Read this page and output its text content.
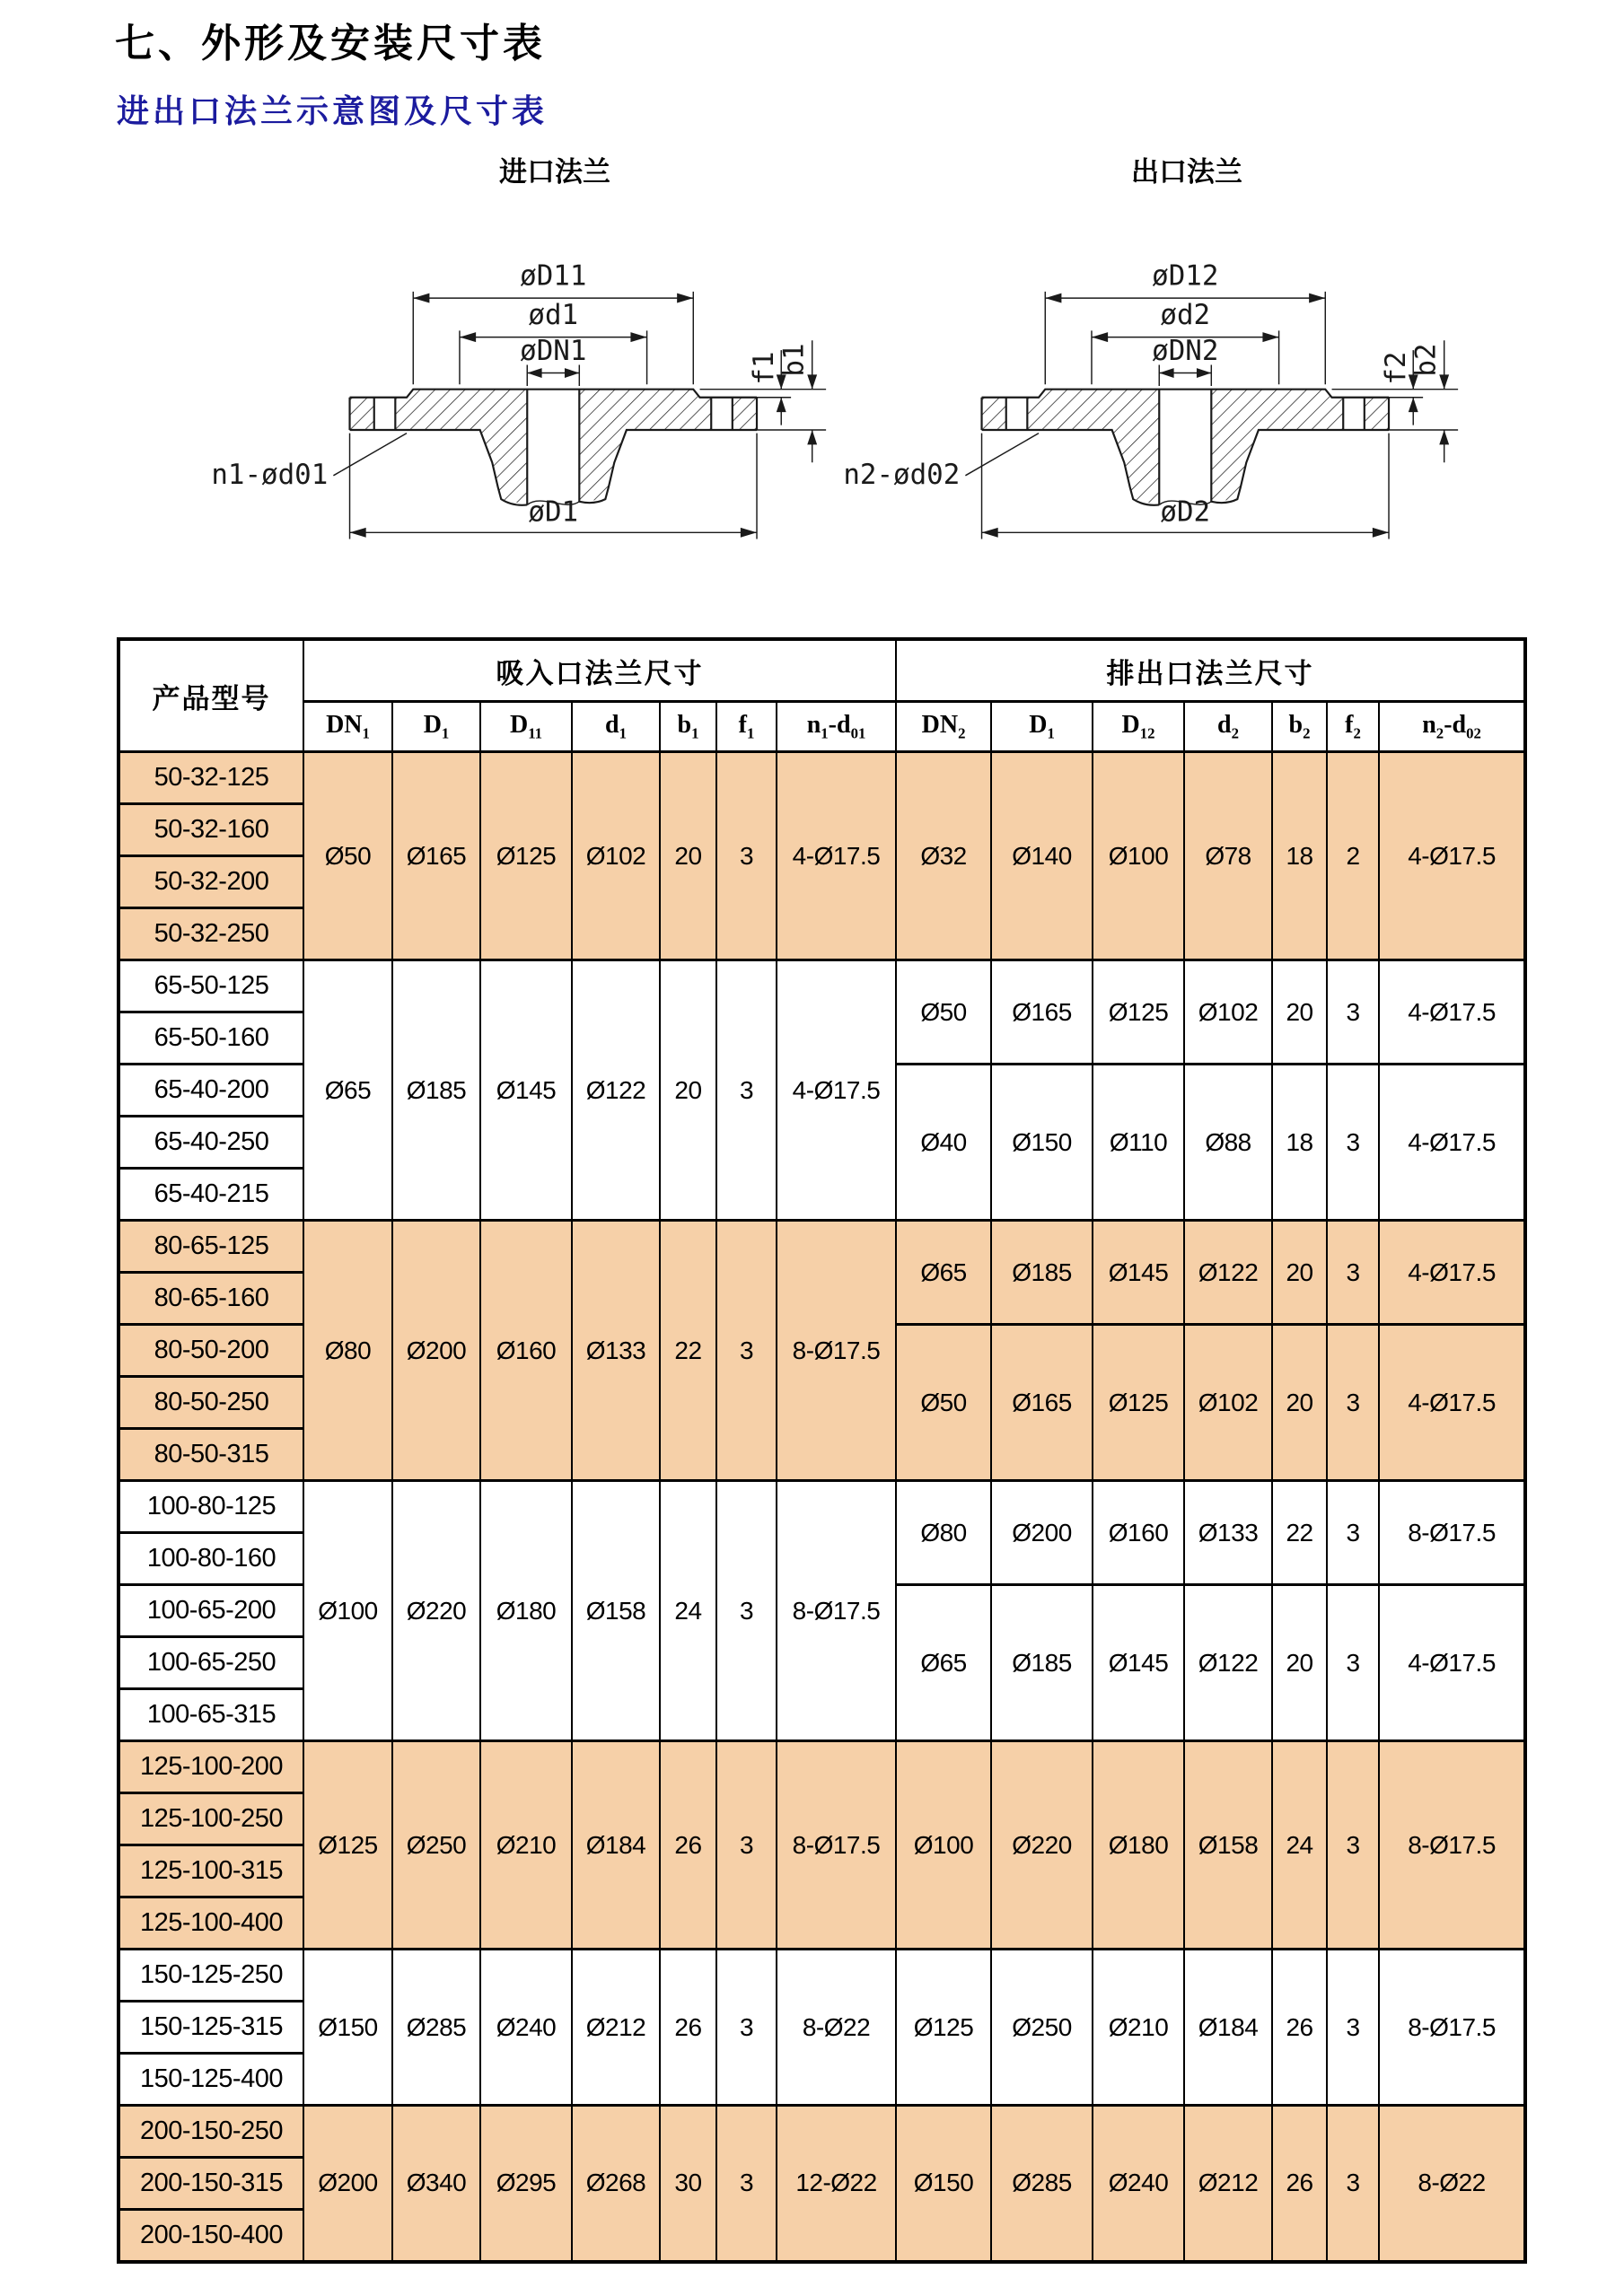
七、外形及安装尺寸表
进出口法兰示意图及尺寸表
进口法兰
øD11
ød1
øDN1
f1
b1
n1-ød01
øD1
出口法兰
øD12
ød2
øDN2
f2
b2
n2-ød02
øD2
产品型号	吸入口法兰尺寸							排出口法兰尺寸						
	$DN_1$	$D_1$	$D_{11}$	$d_1$	$b_1$	$f_1$	$n_1-d_{01}$	$DN_2$	$D_1$	$D_{12}$	$d_2$	$b_2$	$f_2$	$n_2-d_{02}$
50-32-125	Ø50	Ø165	Ø125	Ø102	20	3	4-Ø17.5	Ø32	Ø140	Ø100	Ø78	18	2	4-Ø17.5
50-32-160														
50-32-200														
50-32-250														
65-50-125	Ø65	Ø185	Ø145	Ø122	20	3	4-Ø17.5	Ø50	Ø165	Ø125	Ø102	20	3	4-Ø17.5
65-50-160														
65-40-200								Ø40	Ø150	Ø110	Ø88	18	3	4-Ø17.5
65-40-250														
65-40-215														
80-65-125	Ø80	Ø200	Ø160	Ø133	22	3	8-Ø17.5	Ø65	Ø185	Ø145	Ø122	20	3	4-Ø17.5
80-65-160														
80-50-200								Ø50	Ø165	Ø125	Ø102	20	3	4-Ø17.5
80-50-250														
80-50-315														
100-80-125	Ø100	Ø220	Ø180	Ø158	24	3	8-Ø17.5	Ø80	Ø200	Ø160	Ø133	22	3	8-Ø17.5
100-80-160														
100-65-200								Ø65	Ø185	Ø145	Ø122	20	3	4-Ø17.5
100-65-250														
100-65-315														
125-100-200	Ø125	Ø250	Ø210	Ø184	26	3	8-Ø17.5	Ø100	Ø220	Ø180	Ø158	24	3	8-Ø17.5
125-100-250														
125-100-315														
125-100-400														
150-125-250	Ø150	Ø285	Ø240	Ø212	26	3	8-Ø22	Ø125	Ø250	Ø210	Ø184	26	3	8-Ø17.5
150-125-315														
150-125-400														
200-150-250	Ø200	Ø340	Ø295	Ø268	30	3	12-Ø22	Ø150	Ø285	Ø240	Ø212	26	3	8-Ø22
200-150-315														
200-150-400														
